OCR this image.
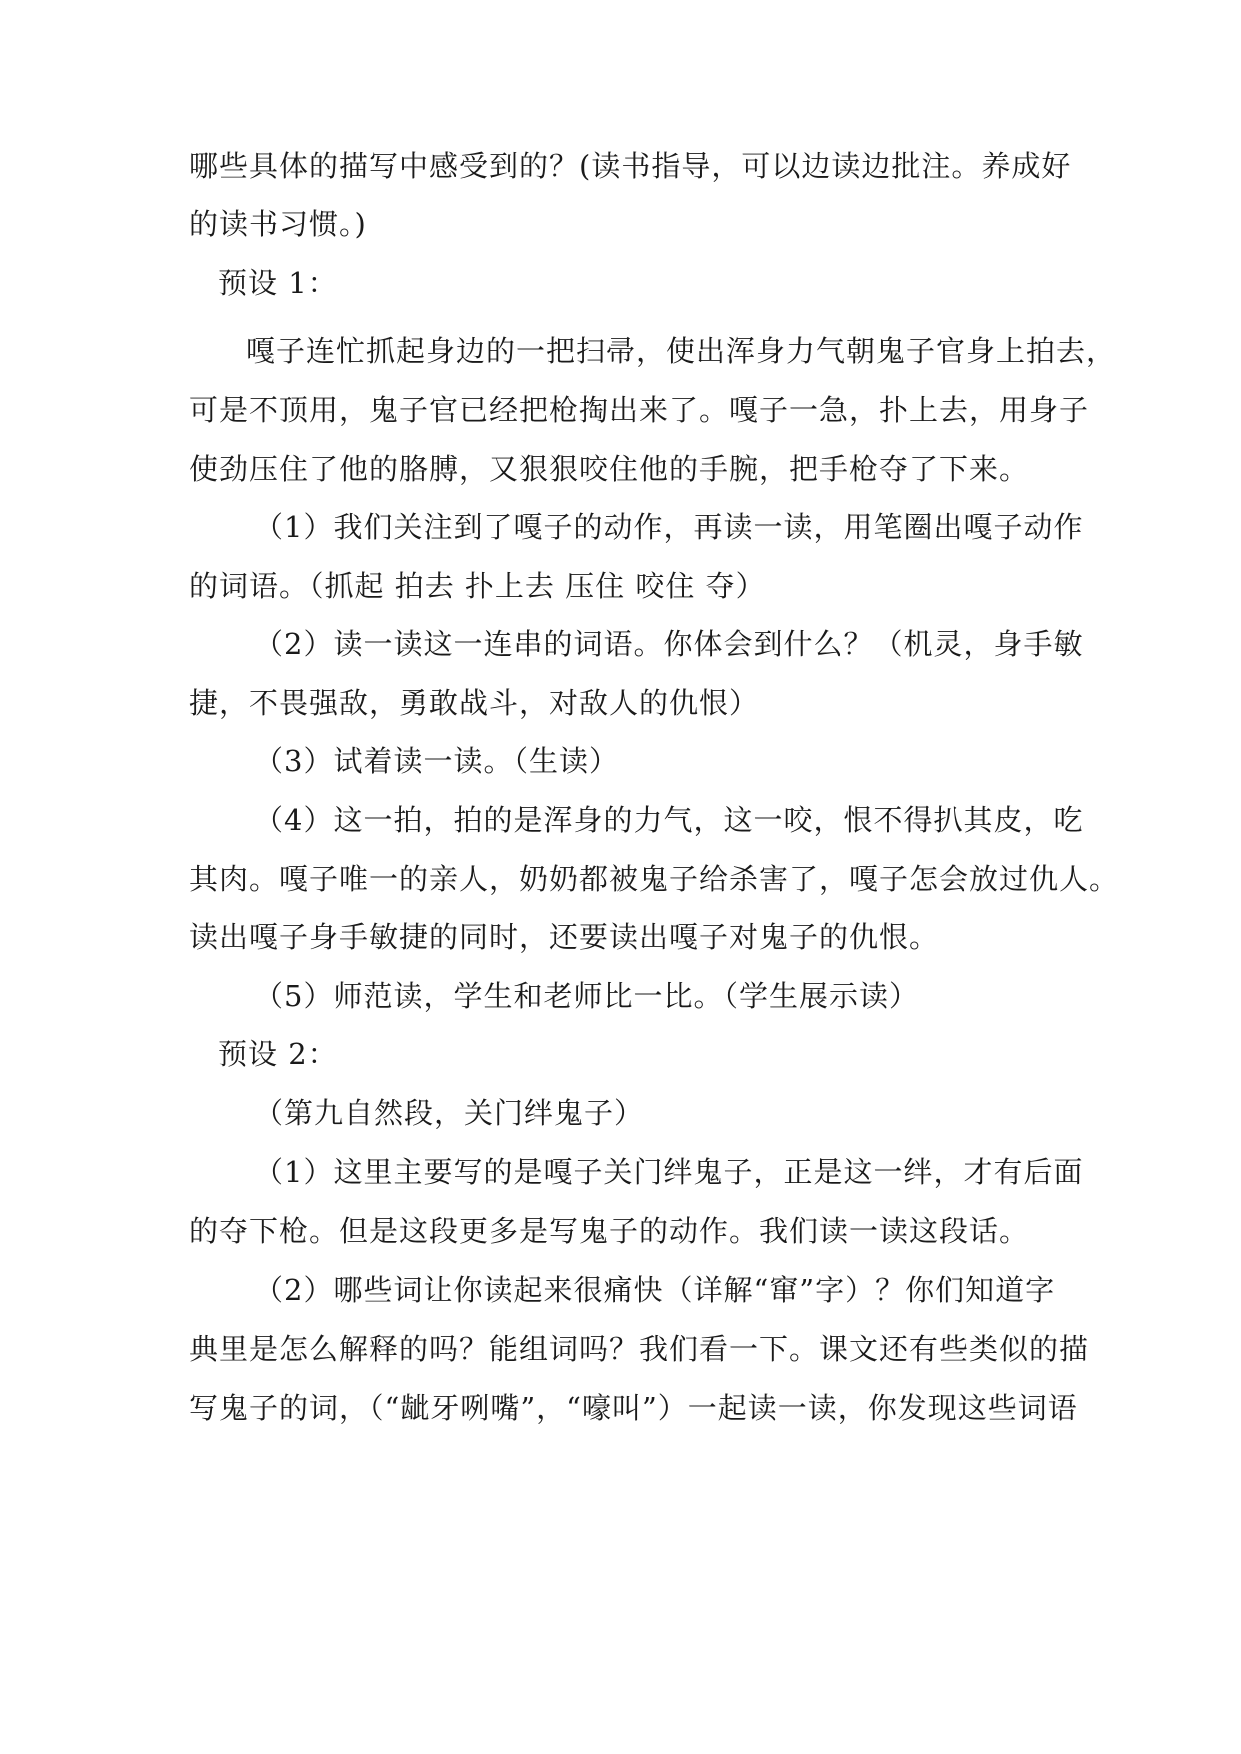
哪些具体的描写中感受到的？(读书指导，可以边读边批注。养成好
的读书习惯。)
预设 1：
嘎子连忙抓起身边的一把扫帚，使出浑身力气朝鬼子官身上拍去，
可是不顶用，鬼子官已经把枪掏出来了。嘎子一急，扑上去，用身子
使劲压住了他的胳膊，又狠狠咬住他的手腕，把手枪夺了下来。
（1）我们关注到了嘎子的动作，再读一读，用笔圈出嘎子动作
的词语。（抓起 拍去 扑上去 压住 咬住 夺）
（2）读一读这一连串的词语。你体会到什么？（机灵，身手敏
捷，不畏强敌，勇敢战斗，对敌人的仇恨）
（3）试着读一读。（生读）
（4）这一拍，拍的是浑身的力气，这一咬，恨不得扒其皮，吃
其肉。嘎子唯一的亲人，奶奶都被鬼子给杀害了，嘎子怎会放过仇人。
读出嘎子身手敏捷的同时，还要读出嘎子对鬼子的仇恨。
（5）师范读，学生和老师比一比。（学生展示读）
预设 2：
（第九自然段，关门绊鬼子）
（1）这里主要写的是嘎子关门绊鬼子，正是这一绊，才有后面
的夺下枪。但是这段更多是写鬼子的动作。我们读一读这段话。
（2）哪些词让你读起来很痛快（详解“窜”字）？你们知道字
典里是怎么解释的吗？能组词吗？我们看一下。课文还有些类似的描
写鬼子的词，（“龇牙咧嘴”，“嚎叫”）一起读一读，你发现这些词语
